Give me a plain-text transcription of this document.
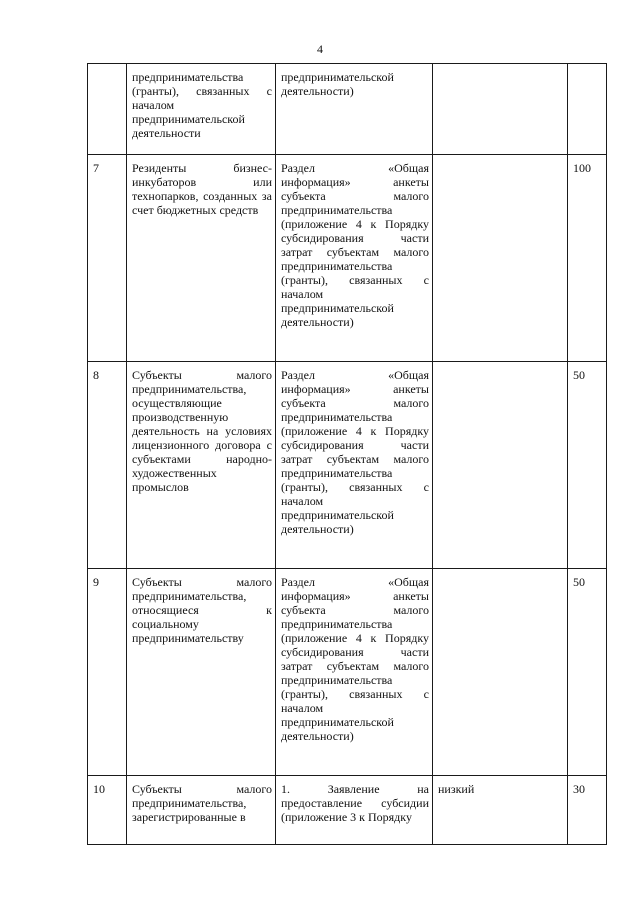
4
	предпринимательства (гранты), связанных с началом предпринимательской деятельности	предпринимательской деятельности)		
7	Резиденты бизнес-инкубаторов или технопарков, созданных за счет бюджетных средств	Раздел «Общая информация» анкеты субъекта малого предпринимательства (приложение 4 к Порядку субсидирования части затрат субъектам малого предпринимательства (гранты), связанных с началом предпринимательской деятельности)		100
8	Субъекты малого предпринимательства, осуществляющие производственную деятельность на условиях лицензионного договора с субъектами народно-художественных промыслов	Раздел «Общая информация» анкеты субъекта малого предпринимательства (приложение 4 к Порядку субсидирования части затрат субъектам малого предпринимательства (гранты), связанных с началом предпринимательской деятельности)		50
9	Субъекты малого предпринимательства, относящиеся к социальному предпринимательству	Раздел «Общая информация» анкеты субъекта малого предпринимательства (приложение 4 к Порядку субсидирования части затрат субъектам малого предпринимательства (гранты), связанных с началом предпринимательской деятельности)		50
10	Субъекты малого предпринимательства, зарегистрированные в	1. Заявление на предоставление субсидии (приложение 3 к Порядку	низкий	30
